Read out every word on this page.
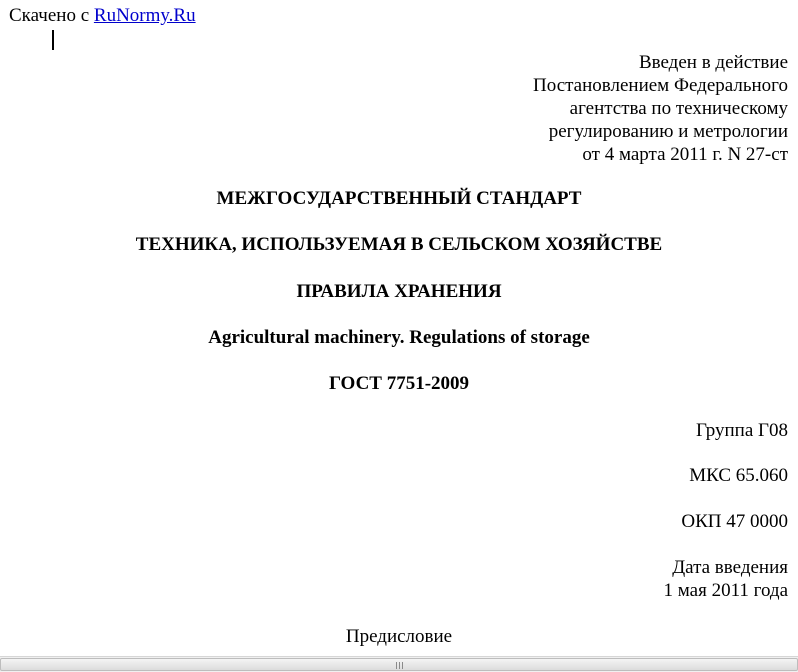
Скачено с RuNormy.Ru
Введен в действие
Постановлением Федерального
агентства по техническому
регулированию и метрологии
от 4 марта 2011 г. N 27-ст
МЕЖГОСУДАРСТВЕННЫЙ СТАНДАРТ
ТЕХНИКА, ИСПОЛЬЗУЕМАЯ В СЕЛЬСКОМ ХОЗЯЙСТВЕ
ПРАВИЛА ХРАНЕНИЯ
Agricultural machinery. Regulations of storage
ГОСТ 7751-2009
Группа Г08
МКС 65.060
ОКП 47 0000
Дата введения
1 мая 2011 года
Предисловие
